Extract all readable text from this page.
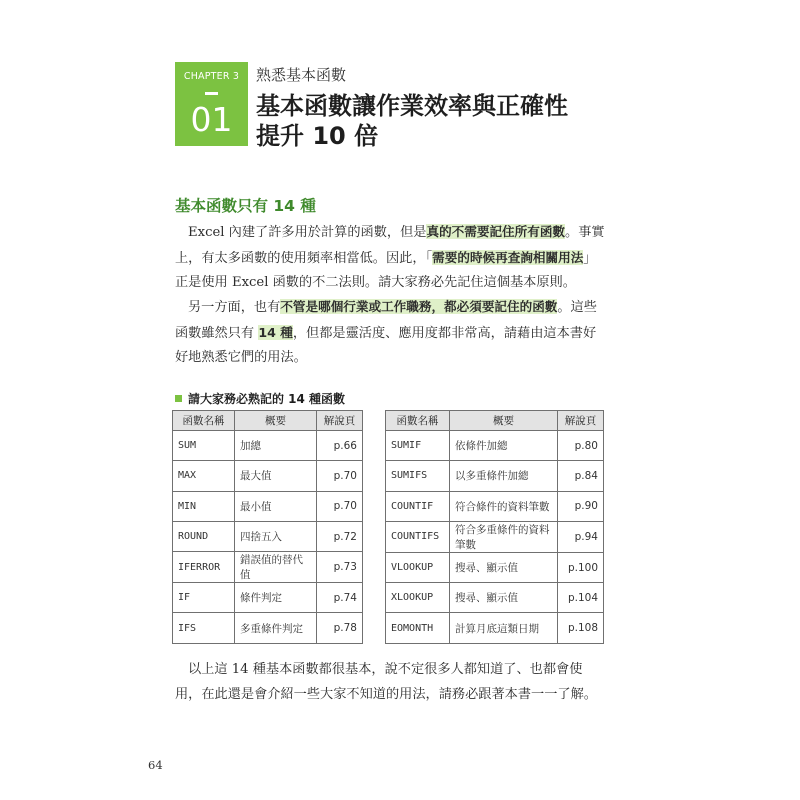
CHAPTER 3
01
熟悉基本函數
基本函數讓作業效率與正確性
提升 10 倍
基本函數只有 14 種

Excel 內建了許多用於計算的函數，但是真的不需要記住所有函數。事實上，有太多函數的使用頻率相當低。因此，「需要的時候再查詢相關用法」正是使用 Excel 函數的不二法則。請大家務必先記住這個基本原則。

另一方面，也有不管是哪個行業或工作職務，都必須要記住的函數。這些函數雖然只有 14 種，但都是靈活度、應用度都非常高，請藉由這本書好好地熟悉它們的用法。

請大家務必熟記的 14 種函數
函數名稱	概要	解說頁
SUM	加總	p.66
MAX	最大值	p.70
MIN	最小值	p.70
ROUND	四捨五入	p.72
IFERROR	錯誤值的替代值	p.73
IF	條件判定	p.74
IFS	多重條件判定	p.78
函數名稱	概要	解說頁
SUMIF	依條件加總	p.80
SUMIFS	以多重條件加總	p.84
COUNTIF	符合條件的資料筆數	p.90
COUNTIFS	符合多重條件的資料筆數	p.94
VLOOKUP	搜尋、顯示值	p.100
XLOOKUP	搜尋、顯示值	p.104
EOMONTH	計算月底這類日期	p.108

以上這 14 種基本函數都很基本，說不定很多人都知道了、也都會使用，在此還是會介紹一些大家不知道的用法，請務必跟著本書一一了解。

64
